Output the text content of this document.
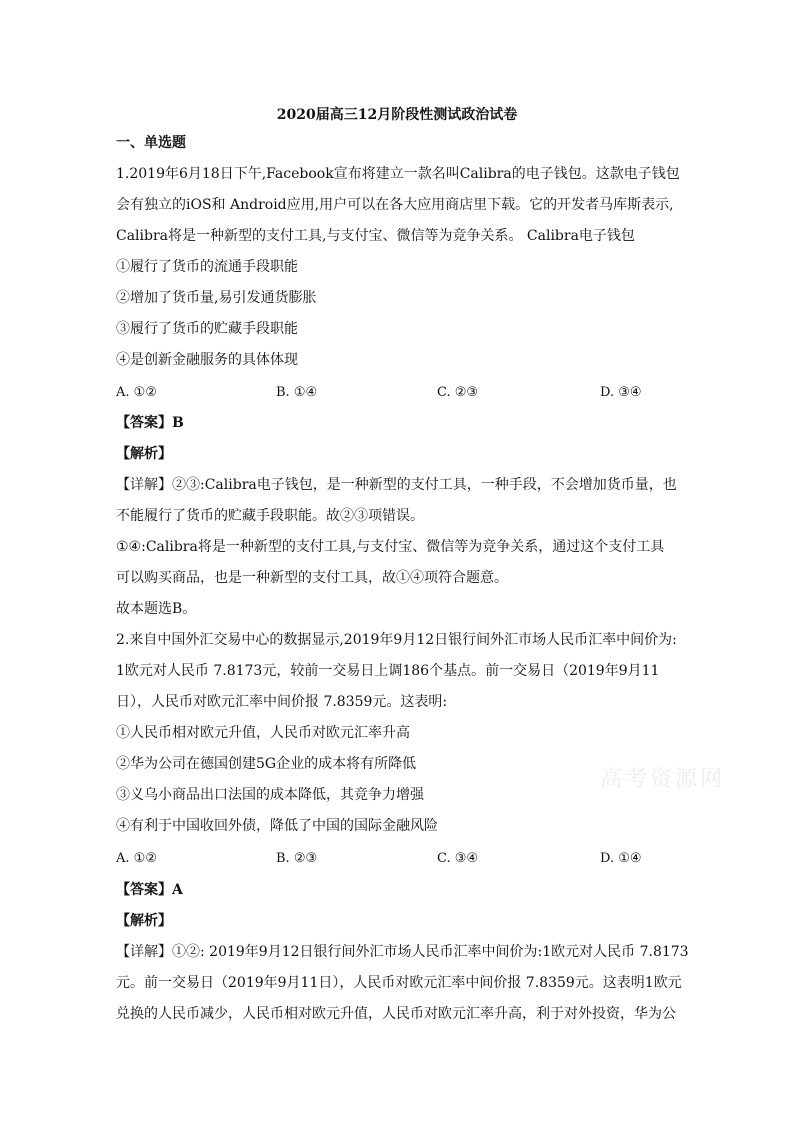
2020届高三12月阶段性测试政治试卷
一、单选题
1.2019年6月18日下午,Facebook宣布将建立一款名叫Calibra的电子钱包。这款电子钱包
会有独立的iOS和 Android应用,用户可以在各大应用商店里下载。它的开发者马库斯表示,
Calibra将是一种新型的支付工具,与支付宝、微信等为竞争关系。 Calibra电子钱包
①履行了货币的流通手段职能
②增加了货币量,易引发通货膨胀
③履行了货币的贮藏手段职能
④是创新金融服务的具体体现
A. ①②	B. ①④	C. ②③	D. ③④
【答案】B
【解析】
【详解】②③:Calibra电子钱包，是一种新型的支付工具，一种手段，不会增加货币量，也
不能履行了货币的贮藏手段职能。故②③项错误。
①④:Calibra将是一种新型的支付工具,与支付宝、微信等为竞争关系，通过这个支付工具
可以购买商品，也是一种新型的支付工具，故①④项符合题意。
故本题选B。
2.来自中国外汇交易中心的数据显示,2019年9月12日银行间外汇市场人民币汇率中间价为:
1欧元对人民币 7.8173元，较前一交易日上调186个基点。前一交易日（2019年9月11
日），人民币对欧元汇率中间价报 7.8359元。这表明:
①人民币相对欧元升值，人民币对欧元汇率升高
②华为公司在德国创建5G企业的成本将有所降低
③义乌小商品出口法国的成本降低，其竞争力增强
④有利于中国收回外债，降低了中国的国际金融风险
A. ①②	B. ②③	C. ③④	D. ①④
【答案】A
【解析】
【详解】①②: 2019年9月12日银行间外汇市场人民币汇率中间价为:1欧元对人民币 7.8173
元。前一交易日（2019年9月11日），人民币对欧元汇率中间价报 7.8359元。这表明1欧元
兑换的人民币减少，人民币相对欧元升值，人民币对欧元汇率升高，利于对外投资，华为公
高考资源网
